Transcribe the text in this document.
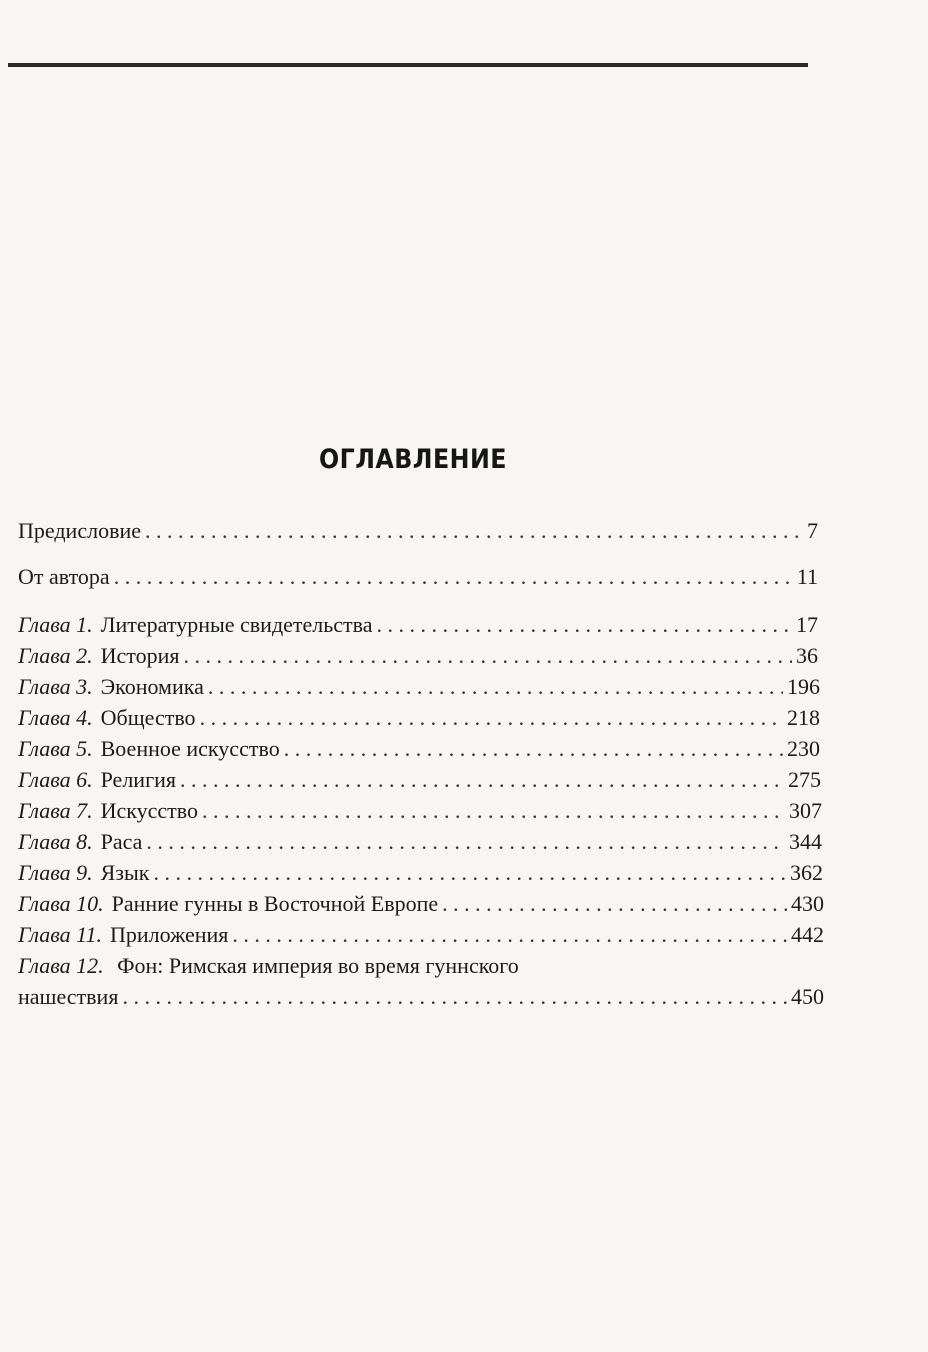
ОГЛАВЛЕНИЕ
Предисловие . . .	7
От автора . . .	11
Глава 1. Литературные свидетельства . . .	17
Глава 2. История . . .	36
Глава 3. Экономика . . .	196
Глава 4. Общество . . .	218
Глава 5. Военное искусство . . .	230
Глава 6. Религия . . .	275
Глава 7. Искусство . . .	307
Глава 8. Раса . . .	344
Глава 9. Язык . . .	362
Глава 10. Ранние гунны в Восточной Европе . . .	430
Глава 11. Приложения . . .	442
Глава 12. Фон: Римская империя во время гуннского
нашествия . . .	450
